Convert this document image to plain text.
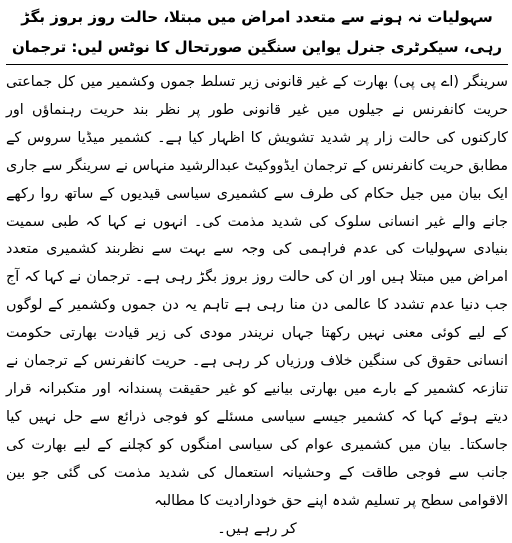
سہولیات نہ ہونے سے متعدد امراض میں مبتلا، حالت روز بروز بگڑ رہی، سیکرٹری جنرل یواین سنگین صورتحال کا نوٹس لیں: ترجمان

سرینگر (اے پی پی) بھارت کے غیر قانونی زیر تسلط جموں وکشمیر میں کل جماعتی حریت کانفرنس نے جیلوں میں غیر قانونی طور پر نظر بند حریت رہنماؤں اور کارکنوں کی حالت زار پر شدید تشویش کا اظہار کیا ہے۔ کشمیر میڈیا سروس کے مطابق حریت کانفرنس کے ترجمان ایڈووکیٹ عبدالرشید منہاس نے سرینگر سے جاری ایک بیان میں جیل حکام کی طرف سے کشمیری سیاسی قیدیوں کے ساتھ روا رکھے جانے والے غیر انسانی سلوک کی شدید مذمت کی۔ انہوں نے کہا کہ طبی سمیت بنیادی سہولیات کی عدم فراہمی کی وجہ سے بہت سے نظربند کشمیری متعدد امراض میں مبتلا ہیں اور ان کی حالت روز بروز بگڑ رہی ہے۔ ترجمان نے کہا کہ آج جب دنیا عدم تشدد کا عالمی دن منا رہی ہے تاہم یہ دن جموں وکشمیر کے لوگوں کے لیے کوئی معنی نہیں رکھتا جہاں نریندر مودی کی زیر قیادت بھارتی حکومت انسانی حقوق کی سنگین خلاف ورزیاں کر رہی ہے۔ حریت کانفرنس کے ترجمان نے تنازعہ کشمیر کے بارے میں بھارتی بیانیے کو غیر حقیقت پسندانہ اور متکبرانہ قرار دیتے ہوئے کہا کہ کشمیر جیسے سیاسی مسئلے کو فوجی ذرائع سے حل نہیں کیا جاسکتا۔ بیان میں کشمیری عوام کی سیاسی امنگوں کو کچلنے کے لیے بھارت کی جانب سے فوجی طاقت کے وحشیانہ استعمال کی شدید مذمت کی گئی جو بین الاقوامی سطح پر تسلیم شدہ اپنے حق خودارادیت کا مطالبہ
کر رہے ہیں۔
